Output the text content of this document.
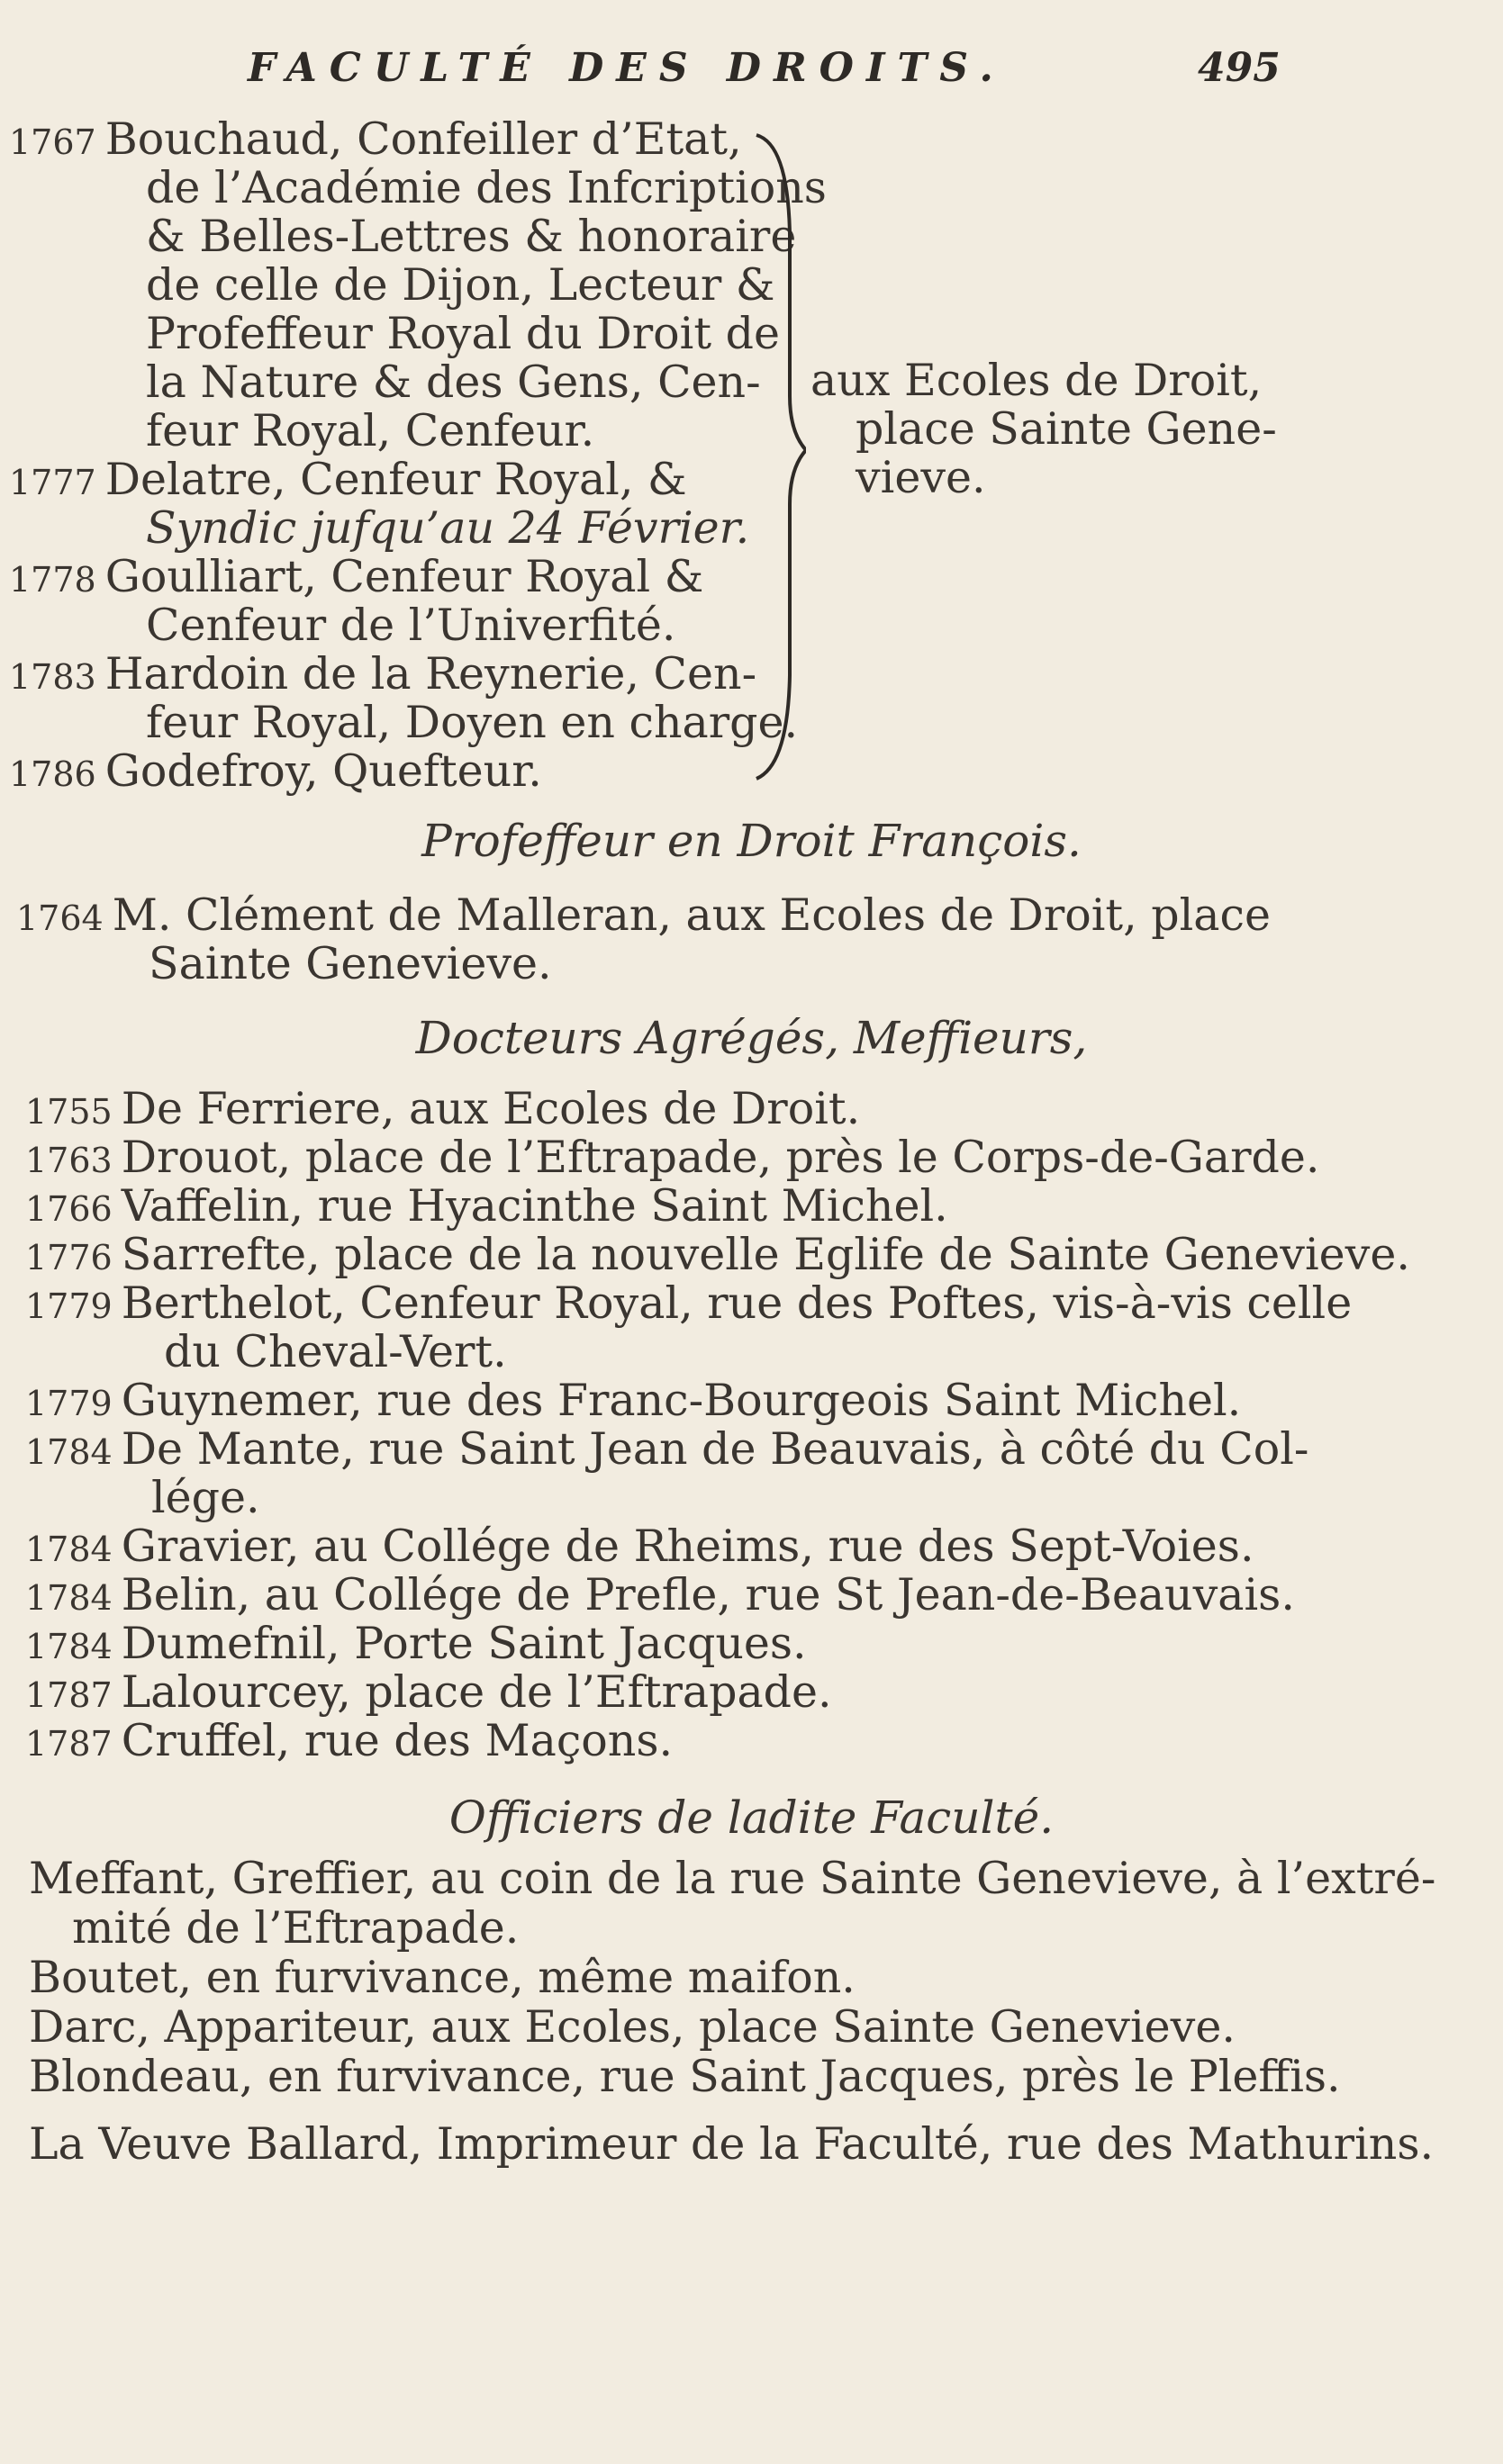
FACULTÉ DES DROITS.	495
1767 Bouchaud, Confeiller d’Etat,
de l’Académie des Infcriptions
& Belles-Lettres & honoraire
de celle de Dijon, Lecteur &
Profeffeur Royal du Droit de
la Nature & des Gens, Cen-
feur Royal, Cenfeur.
1777 Delatre, Cenfeur Royal, &
Syndic jufqu’au 24 Février.
1778 Goulliart, Cenfeur Royal &
Cenfeur de l’Univerfité.
1783 Hardoin de la Reynerie, Cen-
feur Royal, Doyen en charge.
1786 Godefroy, Quefteur.
aux Ecoles de Droit,
place Sainte Gene-
vieve.
Profeffeur en Droit François.
1764 M. Clément de Malleran, aux Ecoles de Droit, place
Sainte Genevieve.
Docteurs Agrégés, Meffieurs,
1755 De Ferriere, aux Ecoles de Droit.
1763 Drouot, place de l’Eftrapade, près le Corps-de-Garde.
1766 Vaffelin, rue Hyacinthe Saint Michel.
1776 Sarrefte, place de la nouvelle Eglife de Sainte Genevieve.
1779 Berthelot, Cenfeur Royal, rue des Poftes, vis-à-vis celle
du Cheval-Vert.
1779 Guynemer, rue des Franc-Bourgeois Saint Michel.
1784 De Mante, rue Saint Jean de Beauvais, à côté du Col-
lége.
1784 Gravier, au Collége de Rheims, rue des Sept-Voies.
1784 Belin, au Collége de Prefle, rue St Jean-de-Beauvais.
1784 Dumefnil, Porte Saint Jacques.
1787 Lalourcey, place de l’Eftrapade.
1787 Cruffel, rue des Maçons.
Officiers de ladite Faculté.
Meffant, Greffier, au coin de la rue Sainte Genevieve, à l’extré-
mité de l’Eftrapade.
Boutet, en furvivance, même maifon.
Darc, Appariteur, aux Ecoles, place Sainte Genevieve.
Blondeau, en furvivance, rue Saint Jacques, près le Pleffis.
La Veuve Ballard, Imprimeur de la Faculté, rue des Mathurins.
